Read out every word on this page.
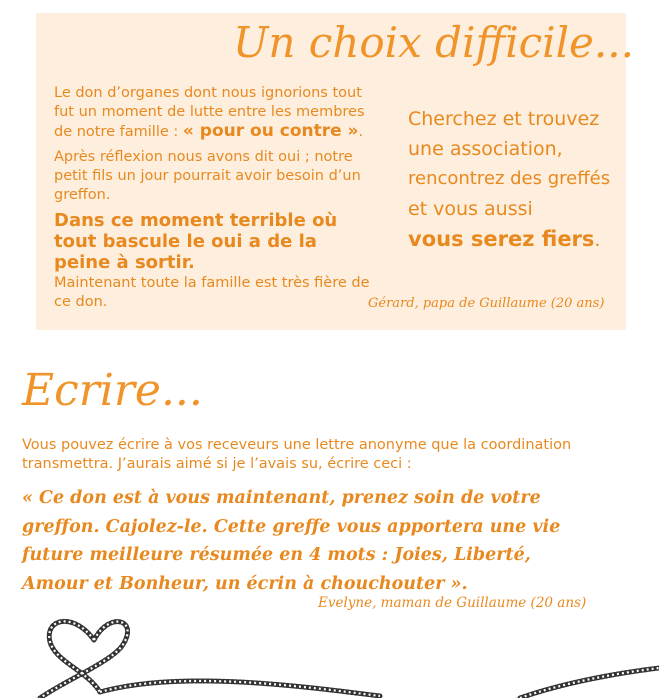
Un choix difficile...

Le don d’organes dont nous ignorions tout fut un moment de lutte entre les membres de notre famille : « pour ou contre ».

Après réflexion nous avons dit oui ; notre petit fils un jour pourrait avoir besoin d’un greffon.

Dans ce moment terrible où tout bascule le oui a de la peine à sortir.
Maintenant toute la famille est très fière de ce don.

Cherchez et trouvez
une association,
rencontrez des greffés
et vous aussi
vous serez fiers.
Gérard, papa de Guillaume (20 ans)
Ecrire...
Vous pouvez écrire à vos receveurs une lettre anonyme que la coordination transmettra. J’aurais aimé si je l’avais su, écrire ceci :
« Ce don est à vous maintenant, prenez soin de votre greffon. Cajolez-le. Cette greffe vous apportera une vie future meilleure résumée en 4 mots : Joies, Liberté, Amour et Bonheur, un écrin à chouchouter ».
Evelyne, maman de Guillaume (20 ans)
